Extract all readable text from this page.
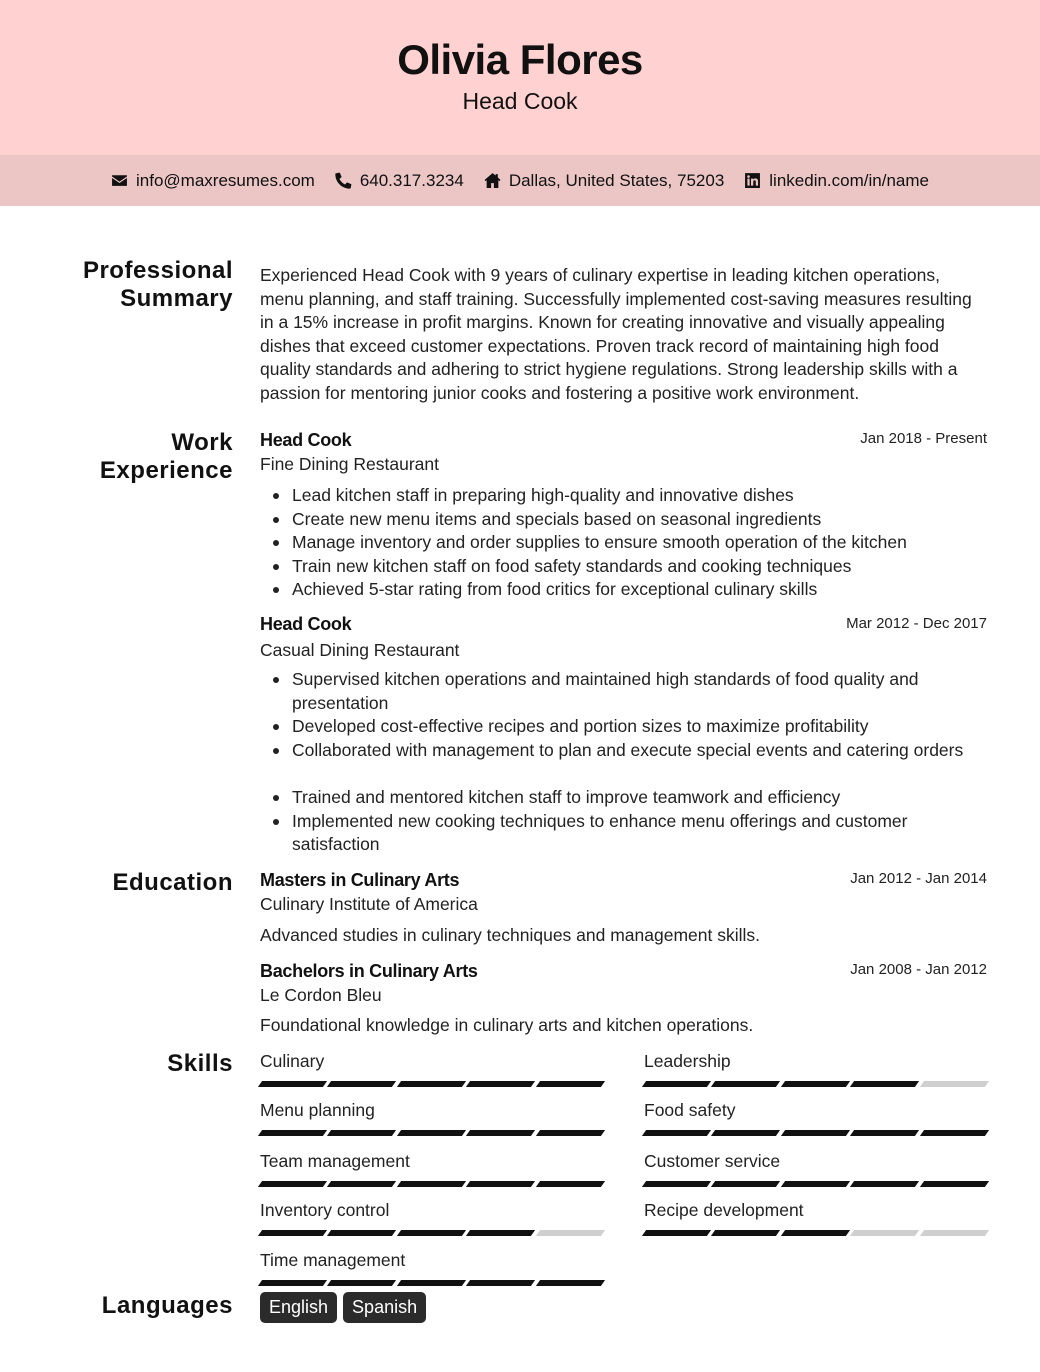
Olivia Flores
Head Cook
info@maxresumes.com	640.317.3234	Dallas, United States, 75203	linkedin.com/in/name
Professional
Summary
Experienced Head Cook with 9 years of culinary expertise in leading kitchen operations, menu planning, and staff training. Successfully implemented cost-saving measures resulting in a 15% increase in profit margins. Known for creating innovative and visually appealing dishes that exceed customer expectations. Proven track record of maintaining high food quality standards and adhering to strict hygiene regulations. Strong leadership skills with a passion for mentoring junior cooks and fostering a positive work environment.
Work
Experience
Head Cook	Jan 2018 - Present
Fine Dining Restaurant
Lead kitchen staff in preparing high-quality and innovative dishes
Create new menu items and specials based on seasonal ingredients
Manage inventory and order supplies to ensure smooth operation of the kitchen
Train new kitchen staff on food safety standards and cooking techniques
Achieved 5-star rating from food critics for exceptional culinary skills
Head Cook	Mar 2012 - Dec 2017
Casual Dining Restaurant
Supervised kitchen operations and maintained high standards of food quality and presentation
Developed cost-effective recipes and portion sizes to maximize profitability
Collaborated with management to plan and execute special events and catering orders
Trained and mentored kitchen staff to improve teamwork and efficiency
Implemented new cooking techniques to enhance menu offerings and customer satisfaction
Education Masters in Culinary Arts	Jan 2012 - Jan 2014
Culinary Institute of America
Advanced studies in culinary techniques and management skills.
Bachelors in Culinary Arts	Jan 2008 - Jan 2012
Le Cordon Bleu
Foundational knowledge in culinary arts and kitchen operations.
Skills Culinary	Leadership
Menu planning	Food safety
Team management	Customer service
Inventory control	Recipe development
Time management
Languages	English	Spanish
